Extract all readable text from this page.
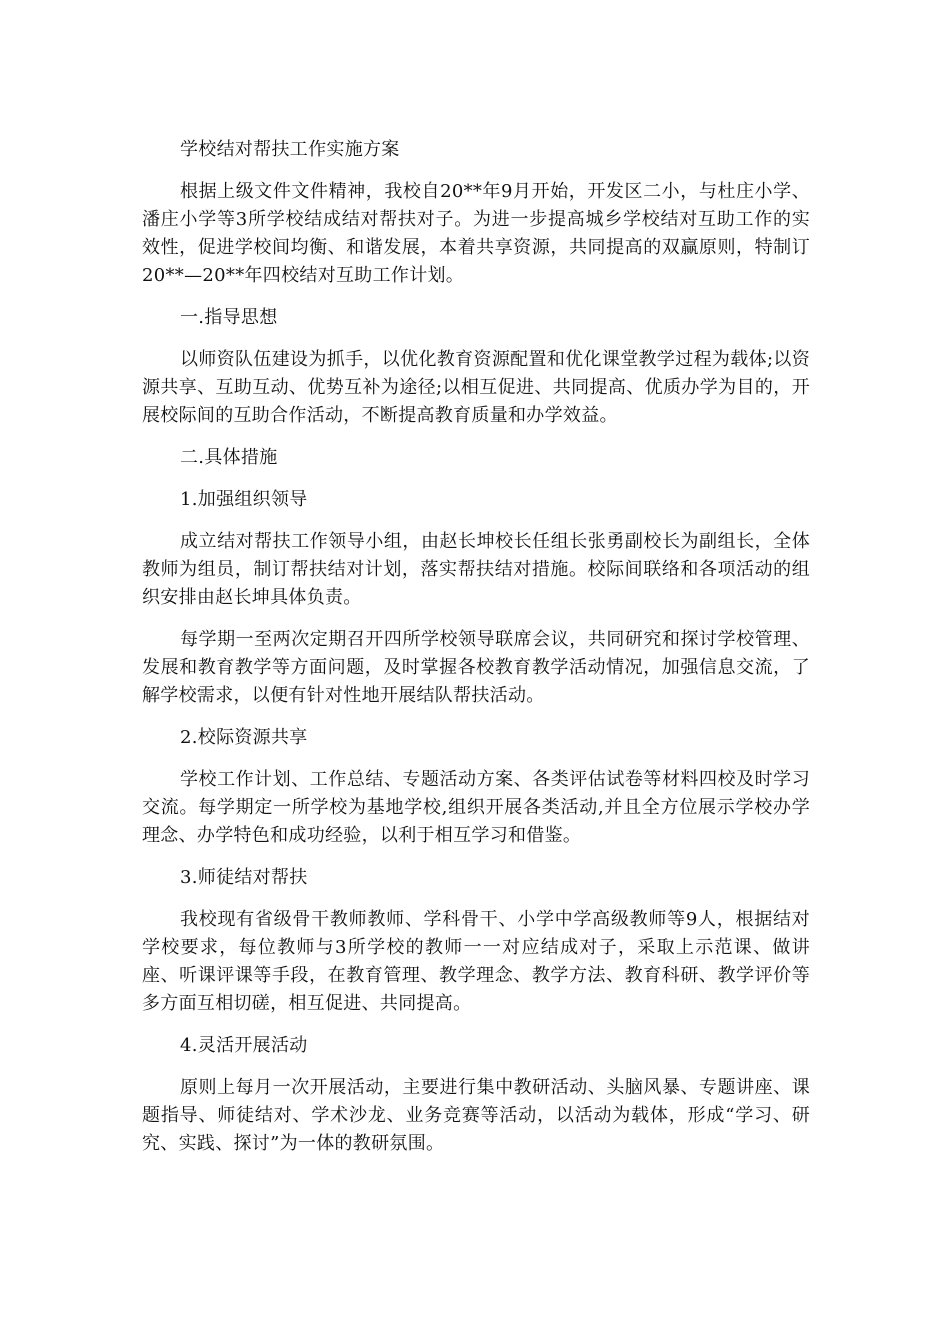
学校结对帮扶工作实施方案

根据上级文件文件精神，我校自20**年9月开始，开发区二小，与杜庄小学、潘庄小学等3所学校结成结对帮扶对子。为进一步提高城乡学校结对互助工作的实效性，促进学校间均衡、和谐发展，本着共享资源，共同提高的双赢原则，特制订20**—20**年四校结对互助工作计划。

一.指导思想

以师资队伍建设为抓手，以优化教育资源配置和优化课堂教学过程为载体;以资源共享、互助互动、优势互补为途径;以相互促进、共同提高、优质办学为目的，开展校际间的互助合作活动，不断提高教育质量和办学效益。

二.具体措施

1.加强组织领导

成立结对帮扶工作领导小组，由赵长坤校长任组长张勇副校长为副组长，全体教师为组员，制订帮扶结对计划，落实帮扶结对措施。校际间联络和各项活动的组织安排由赵长坤具体负责。

每学期一至两次定期召开四所学校领导联席会议，共同研究和探讨学校管理、发展和教育教学等方面问题，及时掌握各校教育教学活动情况，加强信息交流，了解学校需求，以便有针对性地开展结队帮扶活动。

2.校际资源共享

学校工作计划、工作总结、专题活动方案、各类评估试卷等材料四校及时学习交流。每学期定一所学校为基地学校,组织开展各类活动,并且全方位展示学校办学理念、办学特色和成功经验，以利于相互学习和借鉴。

3.师徒结对帮扶

我校现有省级骨干教师教师、学科骨干、小学中学高级教师等9人，根据结对学校要求，每位教师与3所学校的教师一一对应结成对子，采取上示范课、做讲座、听课评课等手段，在教育管理、教学理念、教学方法、教育科研、教学评价等多方面互相切磋，相互促进、共同提高。

4.灵活开展活动

原则上每月一次开展活动，主要进行集中教研活动、头脑风暴、专题讲座、课题指导、师徒结对、学术沙龙、业务竞赛等活动，以活动为载体，形成“学习、研究、实践、探讨”为一体的教研氛围。
